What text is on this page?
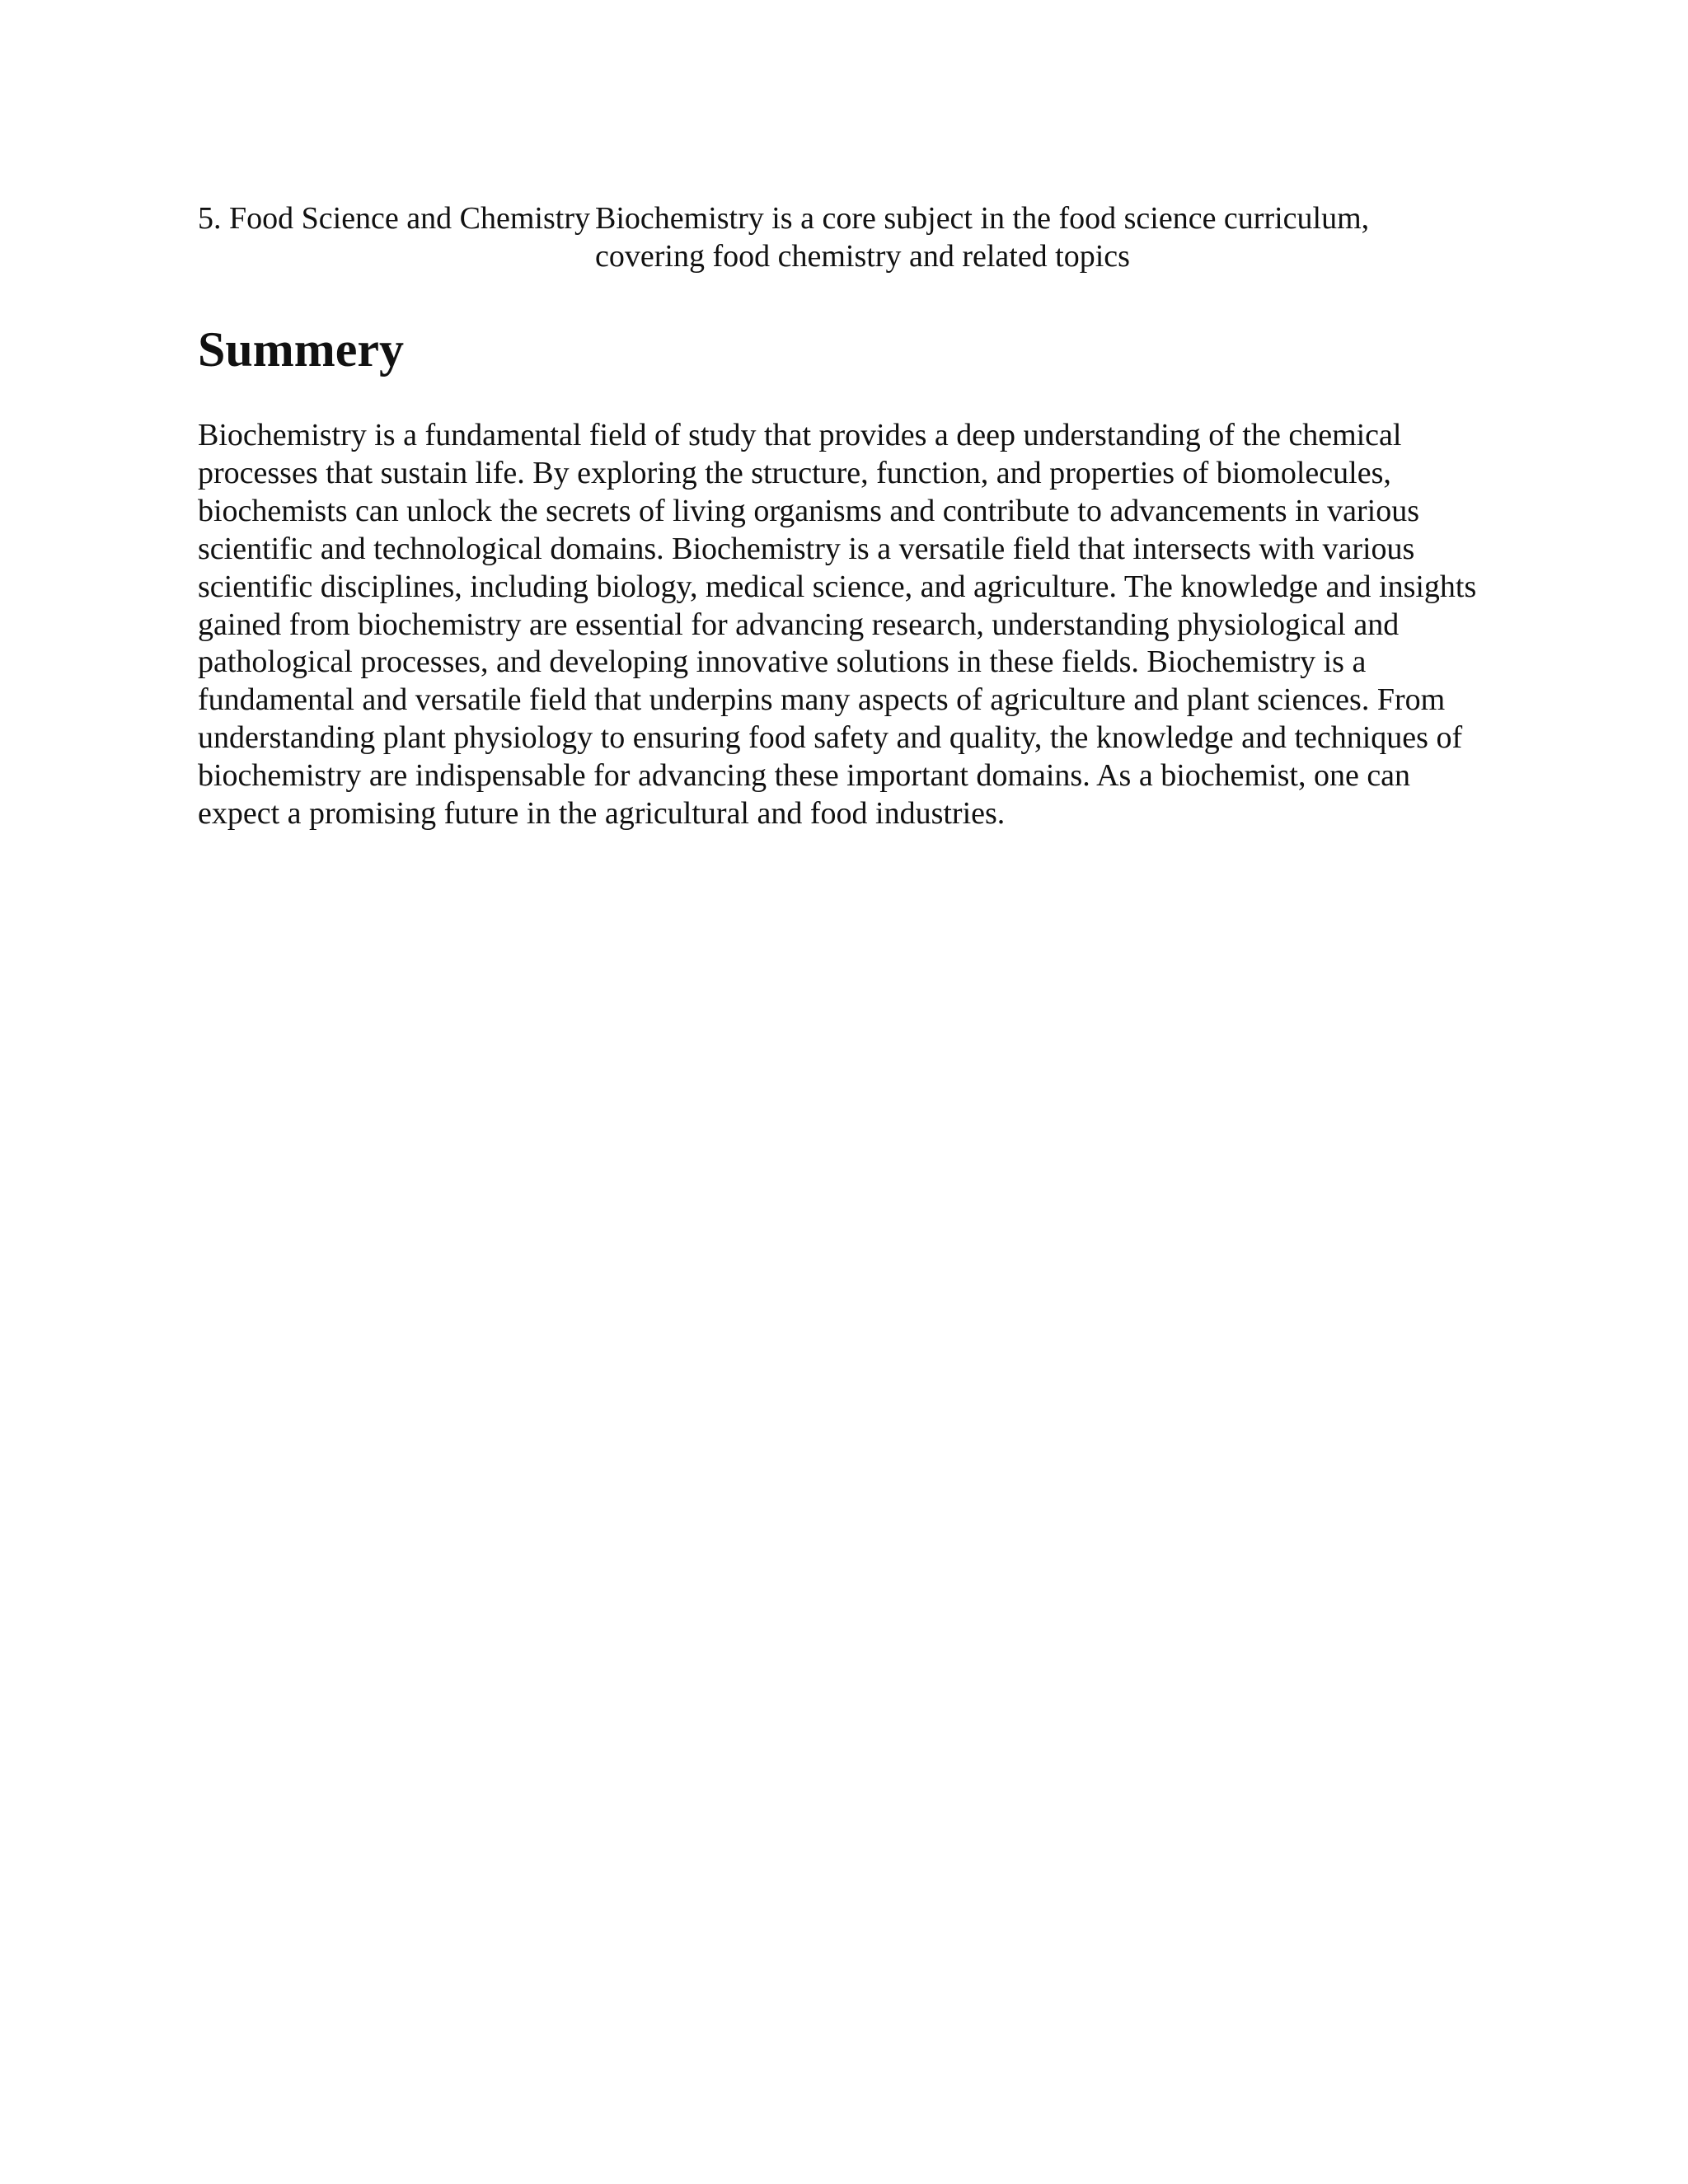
5. Food Science and Chemistry Biochemistry is a core subject in the food science curriculum, covering food chemistry and related topics
Summery

Biochemistry is a fundamental field of study that provides a deep understanding of the chemical processes that sustain life. By exploring the structure, function, and properties of biomolecules, biochemists can unlock the secrets of living organisms and contribute to advancements in various scientific and technological domains. Biochemistry is a versatile field that intersects with various scientific disciplines, including biology, medical science, and agriculture. The knowledge and insights gained from biochemistry are essential for advancing research, understanding physiological and pathological processes, and developing innovative solutions in these fields. Biochemistry is a fundamental and versatile field that underpins many aspects of agriculture and plant sciences. From understanding plant physiology to ensuring food safety and quality, the knowledge and techniques of biochemistry are indispensable for advancing these important domains. As a biochemist, one can expect a promising future in the agricultural and food industries.
